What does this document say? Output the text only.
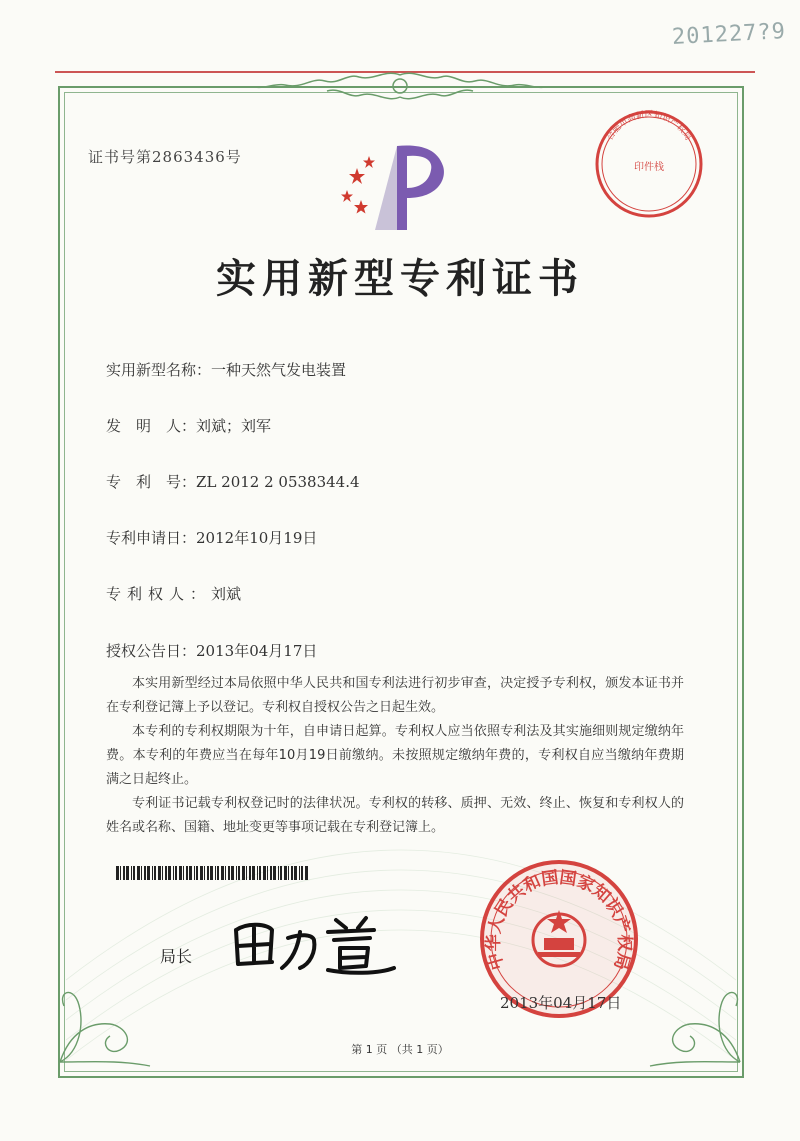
201227?9
证书号第2863436号
实用新型专利证书
实用新型名称：一种天然气发电装置
发　明　人：刘斌；刘军
专　利　号：ZL 2012 2 0538344.4
专利申请日：2012年10月19日
专利权人：刘斌
授权公告日：2013年04月17日

本实用新型经过本局依照中华人民共和国专利法进行初步审查，决定授予专利权，颁发本证书并在专利登记簿上予以登记。专利权自授权公告之日起生效。

本专利的专利权期限为十年，自申请日起算。专利权人应当依照专利法及其实施细则规定缴纳年费。本专利的年费应当在每年10月19日前缴纳。未按照规定缴纳年费的，专利权自应当缴纳年费期满之日起终止。

专利证书记载专利权登记时的法律状况。专利权的转移、质押、无效、终止、恢复和专利权人的姓名或名称、国籍、地址变更等事项记载在专利登记簿上。

局长
合肥市高新区知识产权局
印件栈
中华人民共和国国家知识产权局
2013年04月17日
第 1 页 （共 1 页）
